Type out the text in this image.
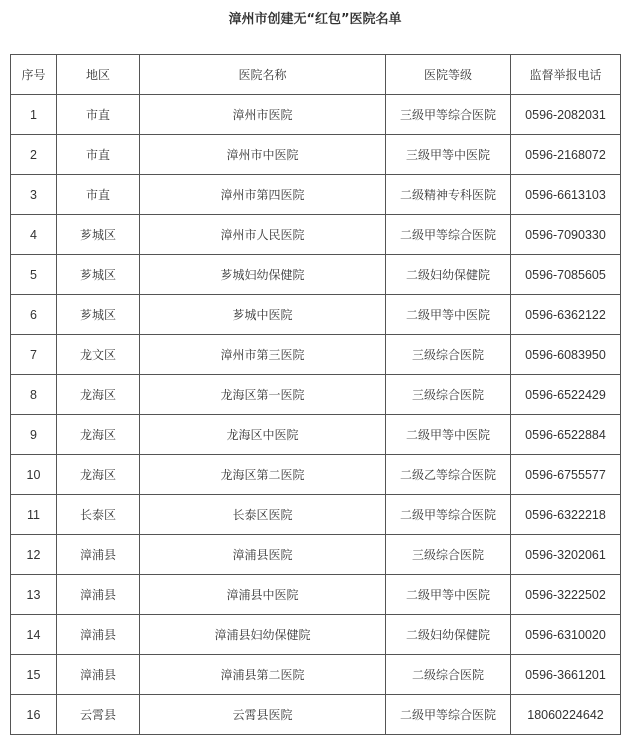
漳州市创建无“红包”医院名单
序号	地区	医院名称	医院等级	监督举报电话
1	市直	漳州市医院	三级甲等综合医院	0596-2082031
2	市直	漳州市中医院	三级甲等中医院	0596-2168072
3	市直	漳州市第四医院	二级精神专科医院	0596-6613103
4	芗城区	漳州市人民医院	二级甲等综合医院	0596-7090330
5	芗城区	芗城妇幼保健院	二级妇幼保健院	0596-7085605
6	芗城区	芗城中医院	二级甲等中医院	0596-6362122
7	龙文区	漳州市第三医院	三级综合医院	0596-6083950
8	龙海区	龙海区第一医院	三级综合医院	0596-6522429
9	龙海区	龙海区中医院	二级甲等中医院	0596-6522884
10	龙海区	龙海区第二医院	二级乙等综合医院	0596-6755577
11	长泰区	长泰区医院	二级甲等综合医院	0596-6322218
12	漳浦县	漳浦县医院	三级综合医院	0596-3202061
13	漳浦县	漳浦县中医院	二级甲等中医院	0596-3222502
14	漳浦县	漳浦县妇幼保健院	二级妇幼保健院	0596-6310020
15	漳浦县	漳浦县第二医院	二级综合医院	0596-3661201
16	云霄县	云霄县医院	二级甲等综合医院	18060224642
